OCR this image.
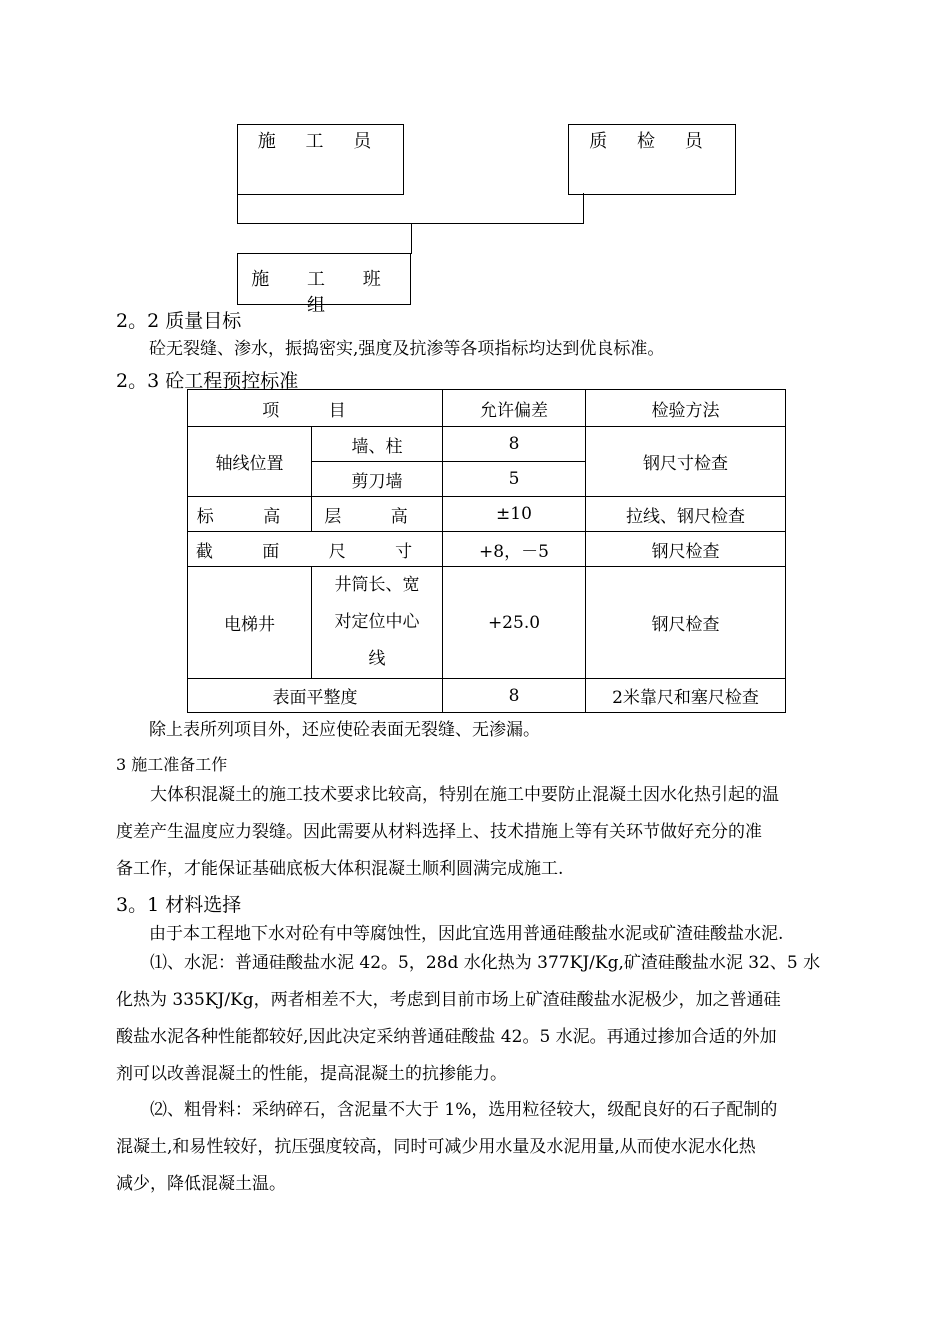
施 工 员	质 检 员
施 工 班 组
2。2 质量目标
砼无裂缝、渗水，振捣密实,强度及抗渗等各项指标均达到优良标准。
2。3 砼工程预控标准
项 目		允许偏差	检验方法
轴线位置	墙、柱	8	钢尺寸检查
	剪刀墙	5	
标 高	层 高	±10	拉线、钢尺检查
截 面 尺 寸		+8，－5	钢尺检查
电梯井	井筒长、宽
对定位中心
线	+25.0	钢尺检查
表面平整度		8	2米靠尺和塞尺检查
除上表所列项目外，还应使砼表面无裂缝、无渗漏。
3 施工准备工作

大体积混凝土的施工技术要求比较高，特别在施工中要防止混凝土因水化热引起的温

度差产生温度应力裂缝。因此需要从材料选择上、技术措施上等有关环节做好充分的准

备工作，才能保证基础底板大体积混凝土顺利圆满完成施工.

3。1 材料选择
由于本工程地下水对砼有中等腐蚀性，因此宜选用普通硅酸盐水泥或矿渣硅酸盐水泥.

⑴、水泥：普通硅酸盐水泥 42。5，28d 水化热为 377KJ/Kg,矿渣硅酸盐水泥 32、5 水

化热为 335KJ/Kg，两者相差不大，考虑到目前市场上矿渣硅酸盐水泥极少，加之普通硅

酸盐水泥各种性能都较好,因此决定采纳普通硅酸盐 42。5 水泥。再通过掺加合适的外加

剂可以改善混凝土的性能，提高混凝土的抗掺能力。

⑵、粗骨料：采纳碎石，含泥量不大于 1%，选用粒径较大，级配良好的石子配制的

混凝土,和易性较好，抗压强度较高，同时可减少用水量及水泥用量,从而使水泥水化热

减少，降低混凝土温。
